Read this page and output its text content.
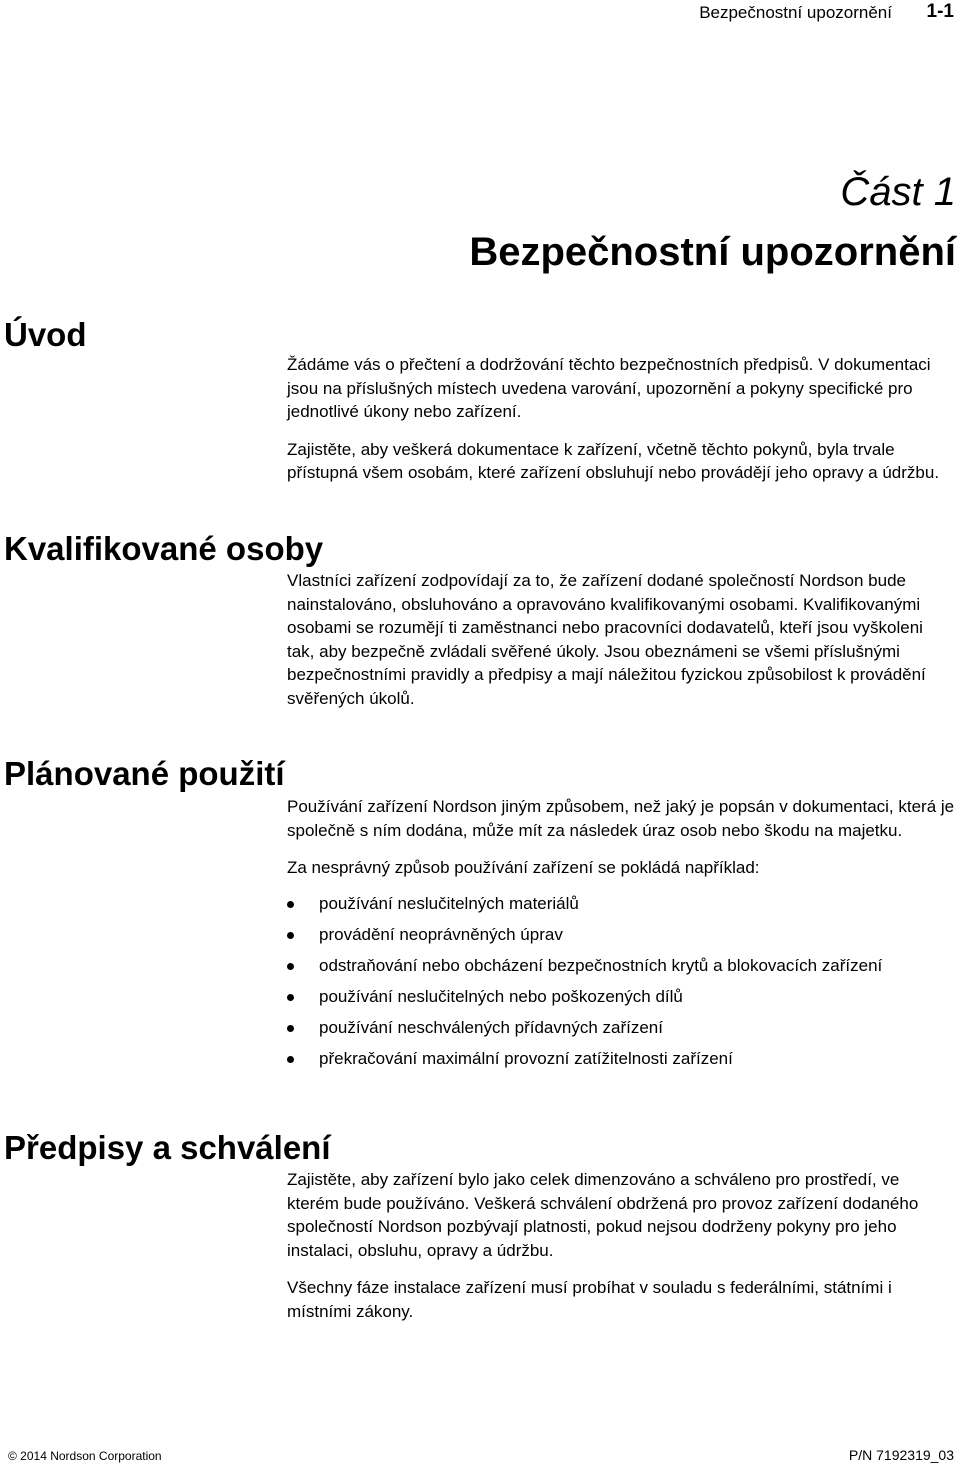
Bezpečnostní upozornění 1-1
Část 1
Bezpečnostní upozornění
Úvod

Žádáme vás o přečtení a dodržování těchto bezpečnostních předpisů. V dokumentaci jsou na příslušných místech uvedena varování, upozornění a pokyny specifické pro jednotlivé úkony nebo zařízení.

Zajistěte, aby veškerá dokumentace k zařízení, včetně těchto pokynů, byla trvale přístupná všem osobám, které zařízení obsluhují nebo provádějí jeho opravy a údržbu.

Kvalifikované osoby

Vlastníci zařízení zodpovídají za to, že zařízení dodané společností Nordson bude nainstalováno, obsluhováno a opravováno kvalifikovanými osobami. Kvalifikovanými osobami se rozumějí ti zaměstnanci nebo pracovníci dodavatelů, kteří jsou vyškoleni tak, aby bezpečně zvládali svěřené úkoly. Jsou obeznámeni se všemi příslušnými bezpečnostními pravidly a předpisy a mají náležitou fyzickou způsobilost k provádění svěřených úkolů.

Plánované použití

Používání zařízení Nordson jiným způsobem, než jaký je popsán v dokumentaci, která je společně s ním dodána, může mít za následek úraz osob nebo škodu na majetku.

Za nesprávný způsob používání zařízení se pokládá například:

používání neslučitelných materiálů
provádění neoprávněných úprav
odstraňování nebo obcházení bezpečnostních krytů a blokovacích zařízení
používání neslučitelných nebo poškozených dílů
používání neschválených přídavných zařízení
překračování maximální provozní zatížitelnosti zařízení
Předpisy a schválení

Zajistěte, aby zařízení bylo jako celek dimenzováno a schváleno pro prostředí, ve kterém bude používáno. Veškerá schválení obdržená pro provoz zařízení dodaného společností Nordson pozbývají platnosti, pokud nejsou dodrženy pokyny pro jeho instalaci, obsluhu, opravy a údržbu.

Všechny fáze instalace zařízení musí probíhat v souladu s federálními, státními i místními zákony.

© 2014 Nordson Corporation	P/N 7192319_03
